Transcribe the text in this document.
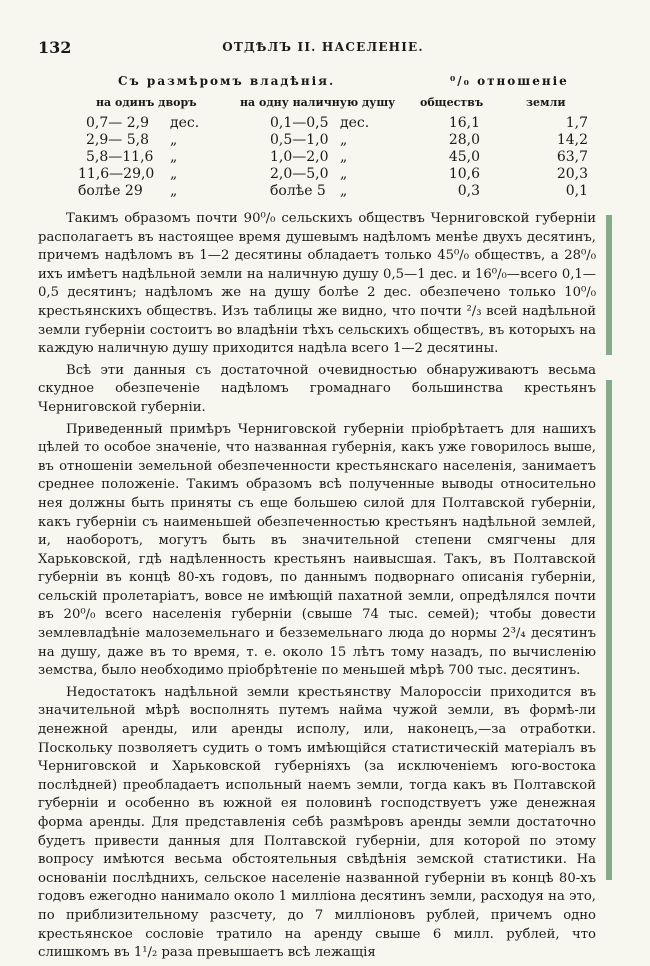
132	ОТДѢЛЪ II. НАСЕЛЕНІЕ.
Съ размѣромъ владѣнія.	⁰/₀ отношеніе
на одинъ дворъ	на одну наличную душу обществъ	земли
0,7— 2,9 дес.	0,1—0,5 дес.	16,1	1,7
2,9— 5,8 „	0,5—1,0 „	28,0	14,2
5,8—11,6 „	1,0—2,0 „	45,0	63,7
11,6—29,0 „	2,0—5,0 „	10,6	20,3
болѣе 29 „	болѣе 5 „	0,3	0,1

Такимъ образомъ почти 90⁰/₀ сельскихъ обществъ Черниговской губерніи располагаетъ въ настоящее время душевымъ надѣломъ менѣе двухъ десятинъ, причемъ надѣломъ въ 1—2 десятины обладаетъ только 45⁰/₀ обществъ, а 28⁰/₀ ихъ имѣетъ надѣльной земли на наличную душу 0,5—1 дес. и 16⁰/₀—всего 0,1—0,5 десятинъ; надѣломъ же на душу болѣе 2 дес. обезпечено только 10⁰/₀ крестьянскихъ обществъ. Изъ таблицы же видно, что почти ²/₃ всей надѣльной земли губерніи состоитъ во владѣніи тѣхъ сельскихъ обществъ, въ которыхъ на каждую наличную душу приходится надѣла всего 1—2 десятины.

Всѣ эти данныя съ достаточной очевидностью обнаруживаютъ весьма скудное обезпеченіе надѣломъ громаднаго большинства крестьянъ Черниговской губерніи.

Приведенный примѣръ Черниговской губерніи пріобрѣтаетъ для нашихъ цѣлей то особое значеніе, что названная губернія, какъ уже говорилось выше, въ отношеніи земельной обезпеченности крестьянскаго населенія, занимаетъ среднее положеніе. Такимъ образомъ всѣ полученные выводы относительно нея должны быть приняты съ еще большею силой для Полтавской губерніи, какъ губерніи съ наименьшей обезпеченностью крестьянъ надѣльной землей, и, наоборотъ, могутъ быть въ значительной степени смягчены для Харьковской, гдѣ надѣленность крестьянъ наивысшая. Такъ, въ Полтавской губерніи въ концѣ 80-хъ годовъ, по даннымъ подворнаго описанія губерніи, сельскій пролетаріатъ, вовсе не имѣющій пахатной земли, опредѣлялся почти въ 20⁰/₀ всего населенія губерніи (свыше 74 тыс. семей); чтобы довести землевладѣніе малоземельнаго и безземельнаго люда до нормы 2³/₄ десятинъ на душу, даже въ то время, т. е. около 15 лѣтъ тому назадъ, по вычисленію земства, было необходимо пріобрѣтеніе по меньшей мѣрѣ 700 тыс. десятинъ.

Недостатокъ надѣльной земли крестьянству Малороссіи приходится въ значительной мѣрѣ восполнять путемъ найма чужой земли, въ формѣ-ли денежной аренды, или аренды исполу, или, наконецъ,—за отработки. Поскольку позволяетъ судить о томъ имѣющійся статистическій матеріалъ въ Черниговской и Харьковской губерніяхъ (за исключеніемъ юго-востока послѣдней) преобладаетъ испольный наемъ земли, тогда какъ въ Полтавской губерніи и особенно въ южной ея половинѣ господствуетъ уже денежная форма аренды. Для представленія себѣ размѣровъ аренды земли достаточно будетъ привести данныя для Полтавской губерніи, для которой по этому вопросу имѣются весьма обстоятельныя свѣдѣнія земской статистики. На основаніи послѣднихъ, сельское населеніе названной губерніи въ концѣ 80-хъ годовъ ежегодно нанимало около 1 милліона десятинъ земли, расходуя на это, по приблизительному разсчету, до 7 милліоновъ рублей, причемъ одно крестьянское сословіе тратило на аренду свыше 6 милл. рублей, что слишкомъ въ 1¹/₂ раза превышаетъ всѣ лежащія
